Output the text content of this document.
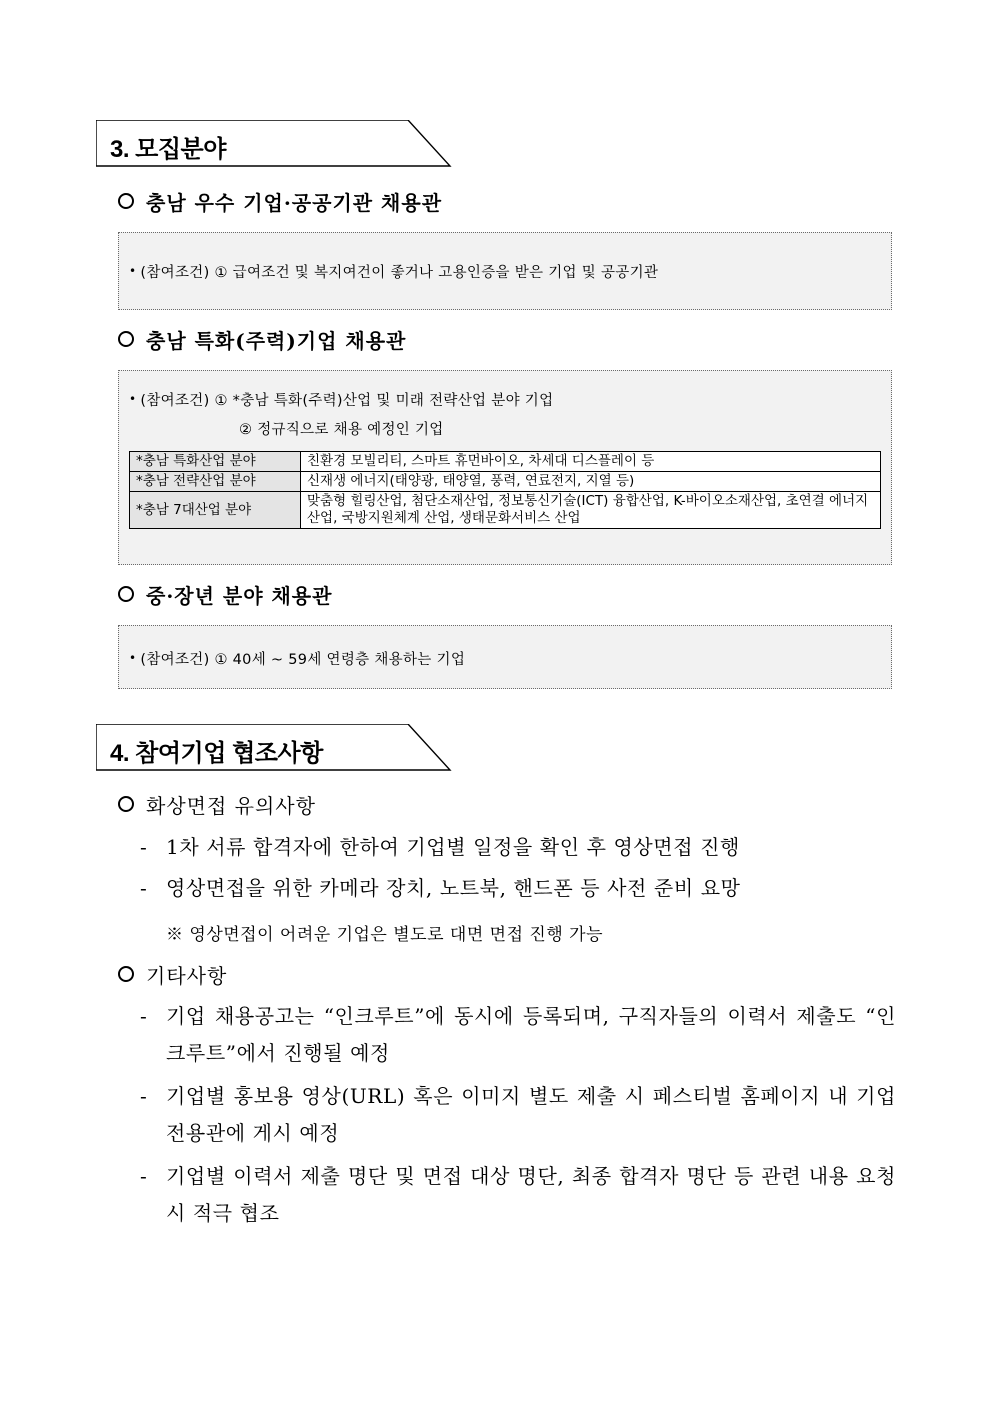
3. 모집분야
충남 우수 기업·공공기관 채용관
• (참여조건) ① 급여조건 및 복지여건이 좋거나 고용인증을 받은 기업 및 공공기관
충남 특화(주력)기업 채용관
• (참여조건) ① *충남 특화(주력)산업 및 미래 전략산업 분야 기업
② 정규직으로 채용 예정인 기업
*충남 특화산업 분야	친환경 모빌리티, 스마트 휴먼바이오, 차세대 디스플레이 등
*충남 전략산업 분야	신재생 에너지(태양광, 태양열, 풍력, 연료전지, 지열 등)
*충남 7대산업 분야	맞춤형 힐링산업, 첨단소재산업, 정보통신기술(ICT) 융합산업, K-바이오소재산업, 초연결 에너지 산업, 국방지원체계 산업, 생태문화서비스 산업
중·장년 분야 채용관
• (참여조건) ① 40세 ~ 59세 연령층 채용하는 기업
4. 참여기업 협조사항
화상면접 유의사항
- 1차 서류 합격자에 한하여 기업별 일정을 확인 후 영상면접 진행
- 영상면접을 위한 카메라 장치, 노트북, 핸드폰 등 사전 준비 요망
※ 영상면접이 어려운 기업은 별도로 대면 면접 진행 가능
기타사항
- 기업 채용공고는 “인크루트”에 동시에 등록되며, 구직자들의 이력서 제출도 “인크루트”에서 진행될 예정
- 기업별 홍보용 영상(URL) 혹은 이미지 별도 제출 시 페스티벌 홈페이지 내 기업 전용관에 게시 예정
- 기업별 이력서 제출 명단 및 면접 대상 명단, 최종 합격자 명단 등 관련 내용 요청 시 적극 협조
